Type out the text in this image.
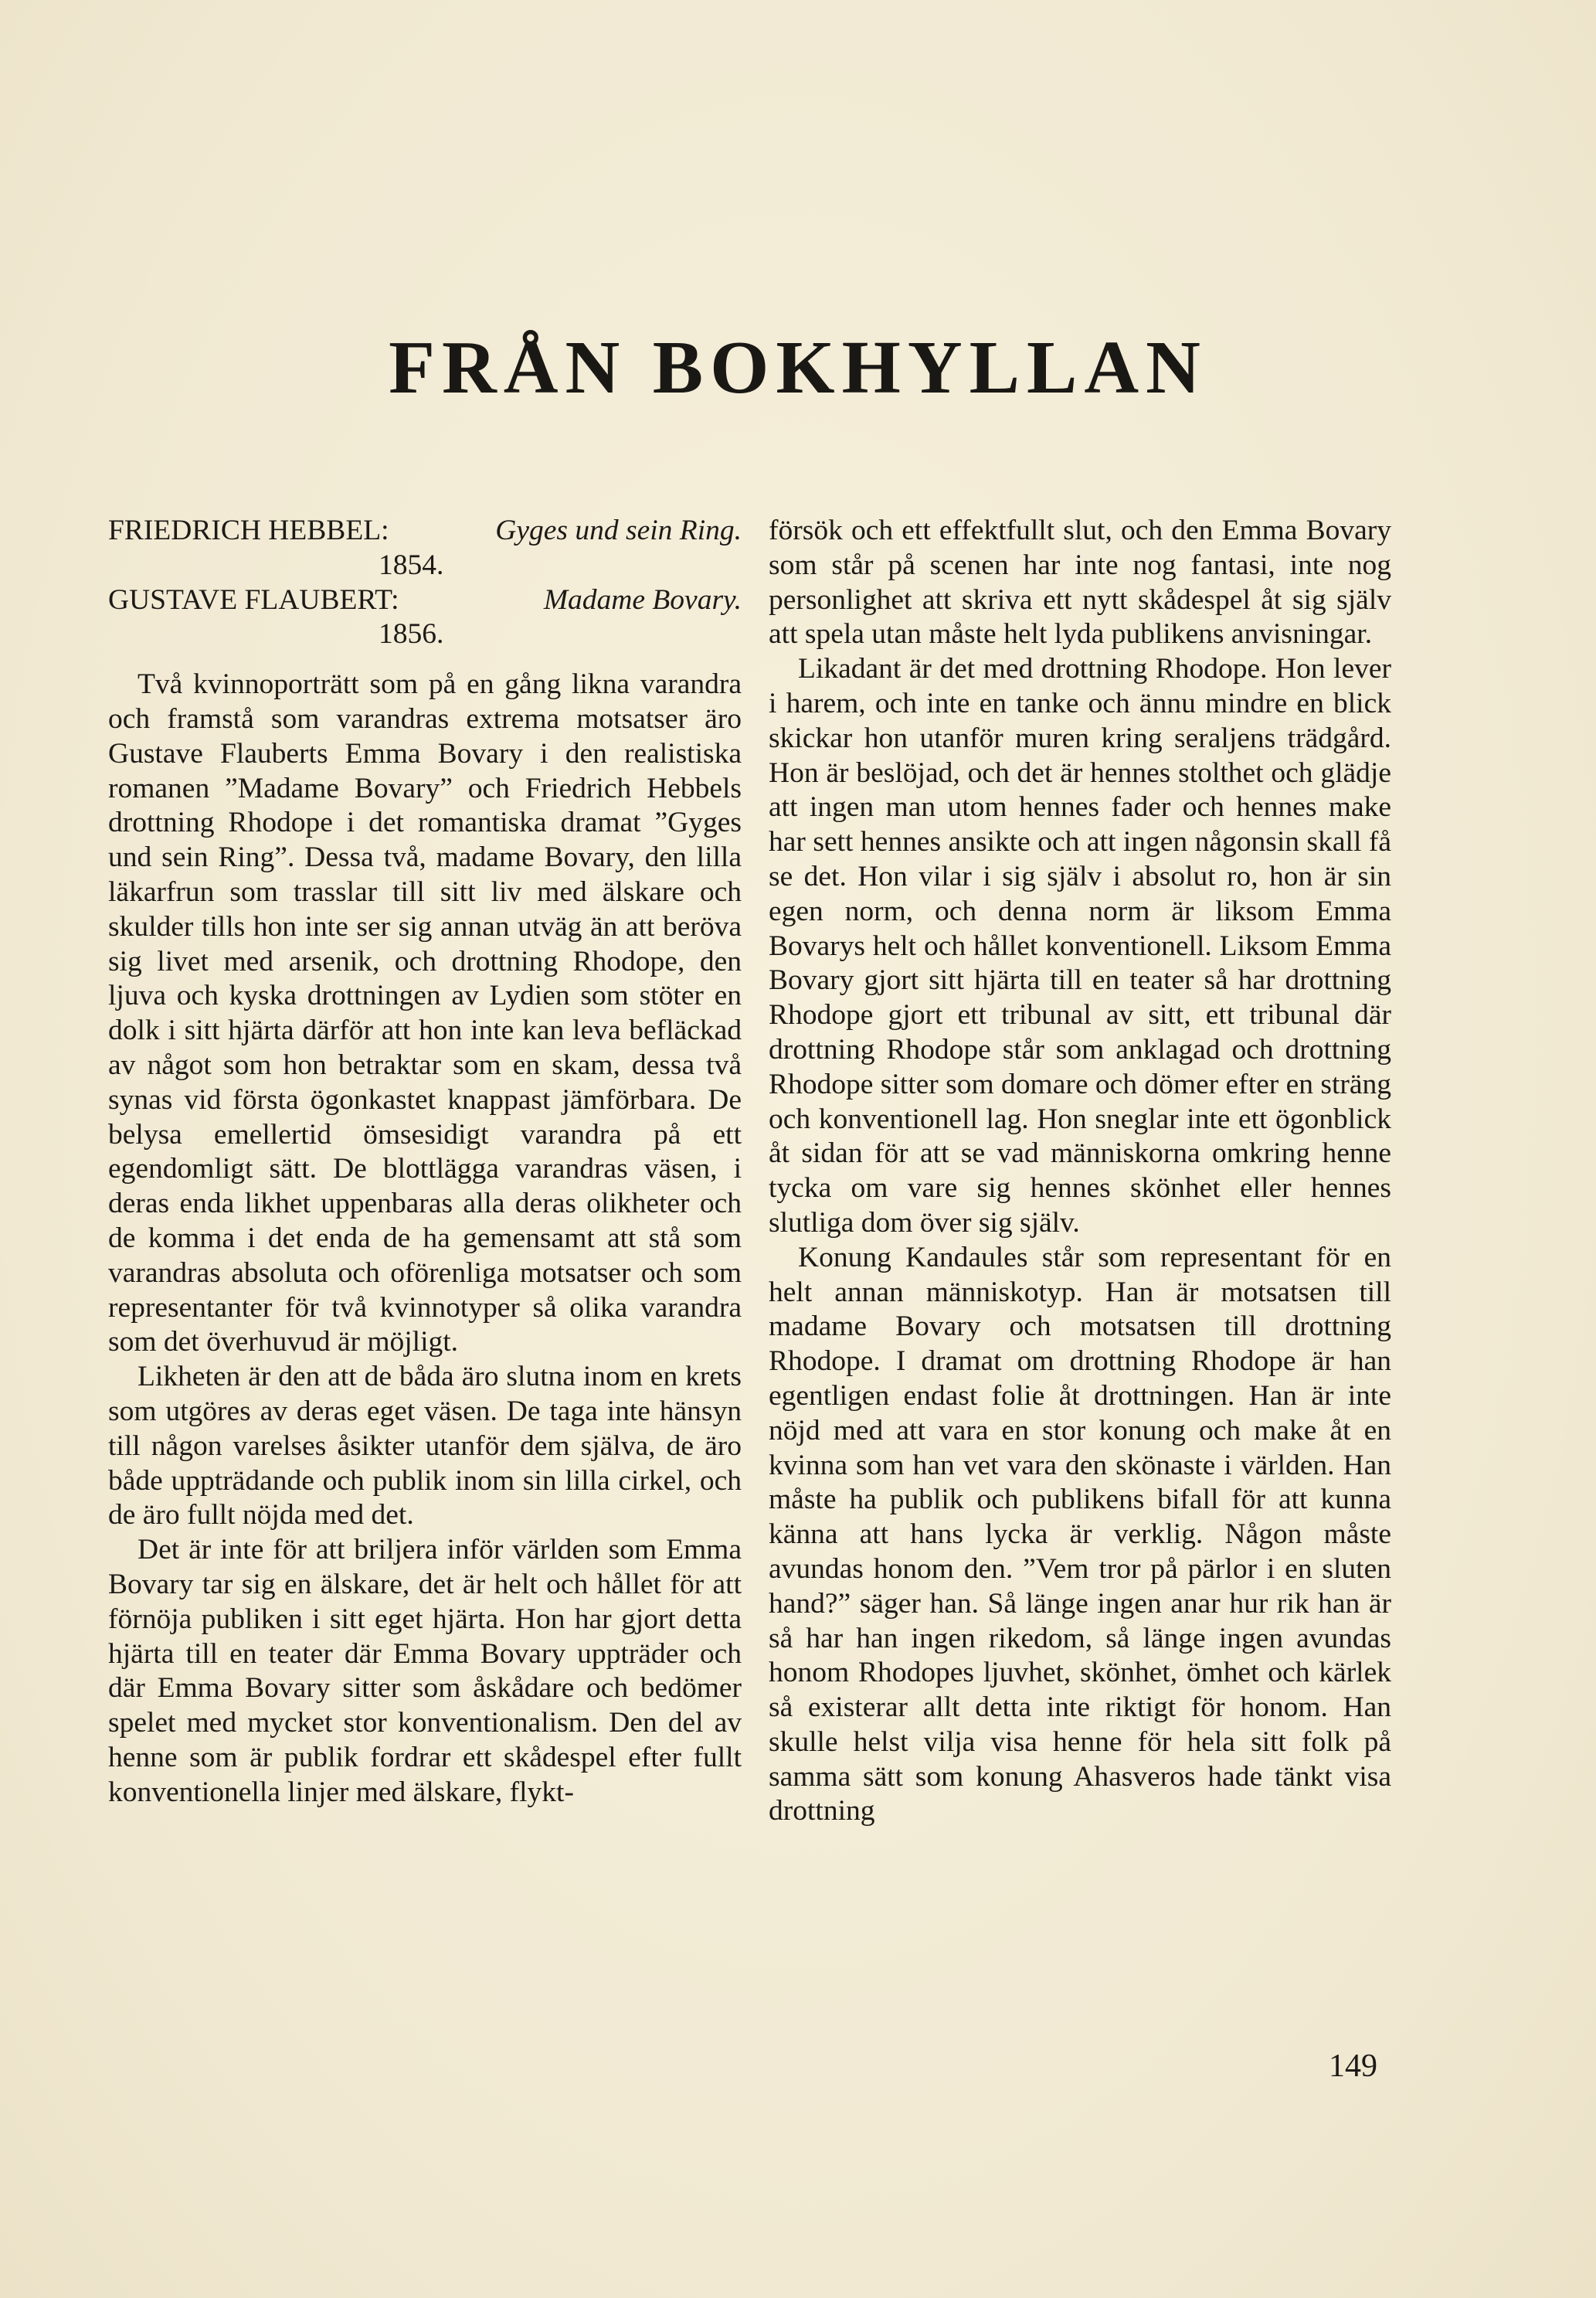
FRÅN BOKHYLLAN
FRIEDRICH HEBBEL:	Gyges und sein Ring.
1854.
GUSTAVE FLAUBERT:	Madame Bovary.
1856.

Två kvinnoporträtt som på en gång likna varandra och framstå som varandras extrema motsatser äro Gustave Flauberts Emma Bovary i den realistiska romanen ”Madame Bovary” och Friedrich Hebbels drottning Rhodope i det romantiska dramat ”Gyges und sein Ring”. Dessa två, madame Bovary, den lilla läkarfrun som trasslar till sitt liv med älskare och skulder tills hon inte ser sig annan utväg än att beröva sig livet med arsenik, och drottning Rhodope, den ljuva och kyska drottningen av Lydien som stöter en dolk i sitt hjärta därför att hon inte kan leva befläckad av något som hon betraktar som en skam, dessa två synas vid första ögonkastet knappast jämförbara. De belysa emellertid ömsesidigt varandra på ett egendomligt sätt. De blottlägga varandras väsen, i deras enda likhet uppenbaras alla deras olikheter och de komma i det enda de ha gemensamt att stå som varandras absoluta och oförenliga motsatser och som representanter för två kvinnotyper så olika varandra som det överhuvud är möjligt.

Likheten är den att de båda äro slutna inom en krets som utgöres av deras eget väsen. De taga inte hänsyn till någon varelses åsikter utanför dem själva, de äro både uppträdande och publik inom sin lilla cirkel, och de äro fullt nöjda med det.

Det är inte för att briljera inför världen som Emma Bovary tar sig en älskare, det är helt och hållet för att förnöja publiken i sitt eget hjärta. Hon har gjort detta hjärta till en teater där Emma Bovary uppträder och där Emma Bovary sitter som åskådare och bedömer spelet med mycket stor konventionalism. Den del av henne som är publik fordrar ett skådespel efter fullt konventionella linjer med älskare, flykt-

försök och ett effektfullt slut, och den Emma Bovary som står på scenen har inte nog fantasi, inte nog personlighet att skriva ett nytt skådespel åt sig själv att spela utan måste helt lyda publikens anvisningar.

Likadant är det med drottning Rhodope. Hon lever i harem, och inte en tanke och ännu mindre en blick skickar hon utanför muren kring seraljens trädgård. Hon är beslöjad, och det är hennes stolthet och glädje att ingen man utom hennes fader och hennes make har sett hennes ansikte och att ingen någonsin skall få se det. Hon vilar i sig själv i absolut ro, hon är sin egen norm, och denna norm är liksom Emma Bovarys helt och hållet konventionell. Liksom Emma Bovary gjort sitt hjärta till en teater så har drottning Rhodope gjort ett tribunal av sitt, ett tribunal där drottning Rhodope står som anklagad och drottning Rhodope sitter som domare och dömer efter en sträng och konventionell lag. Hon sneglar inte ett ögonblick åt sidan för att se vad människorna omkring henne tycka om vare sig hennes skönhet eller hennes slutliga dom över sig själv.

Konung Kandaules står som representant för en helt annan människotyp. Han är motsatsen till madame Bovary och motsatsen till drottning Rhodope. I dramat om drottning Rhodope är han egentligen endast folie åt drottningen. Han är inte nöjd med att vara en stor konung och make åt en kvinna som han vet vara den skönaste i världen. Han måste ha publik och publikens bifall för att kunna känna att hans lycka är verklig. Någon måste avundas honom den. ”Vem tror på pärlor i en sluten hand?” säger han. Så länge ingen anar hur rik han är så har han ingen rikedom, så länge ingen avundas honom Rhodopes ljuvhet, skönhet, ömhet och kärlek så existerar allt detta inte riktigt för honom. Han skulle helst vilja visa henne för hela sitt folk på samma sätt som konung Ahasveros hade tänkt visa drottning

149
